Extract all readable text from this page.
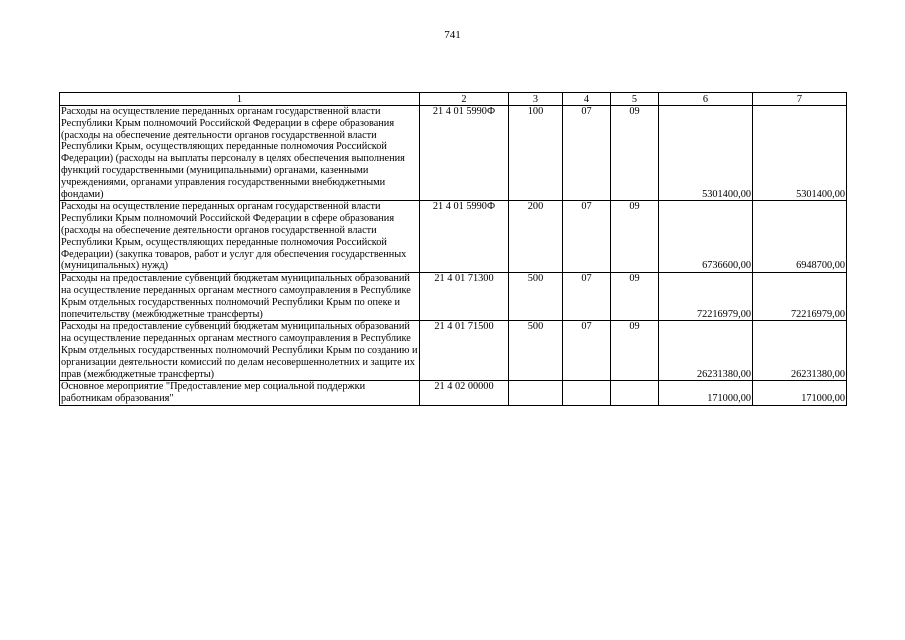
741
1	2	3	4	5	6	7
Расходы на осуществление переданных органам государственной власти Республики Крым полномочий Российской Федерации в сфере образования (расходы на обеспечение деятельности органов государственной власти Республики Крым, осуществляющих переданные полномочия Российской Федерации) (расходы на выплаты персоналу в целях обеспечения выполнения функций государственными (муниципальными) органами, казенными учреждениями, органами управления государственными внебюджетными фондами)	21 4 01 5990Ф	100	07	09	5301400,00	5301400,00
Расходы на осуществление переданных органам государственной власти Республики Крым полномочий Российской Федерации в сфере образования (расходы на обеспечение деятельности органов государственной власти Республики Крым, осуществляющих переданные полномочия Российской Федерации) (закупка товаров, работ и услуг для обеспечения государственных (муниципальных) нужд)	21 4 01 5990Ф	200	07	09	6736600,00	6948700,00
Расходы на предоставление субвенций бюджетам муниципальных образований на осуществление переданных органам местного самоуправления в Республике Крым отдельных государственных полномочий Республики Крым по опеке и попечительству (межбюджетные трансферты)	21 4 01 71300	500	07	09	72216979,00	72216979,00
Расходы на предоставление субвенций бюджетам муниципальных образований на осуществление переданных органам местного самоуправления в Республике Крым отдельных государственных полномочий Республики Крым по созданию и организации деятельности комиссий по делам несовершеннолетних и защите их прав (межбюджетные трансферты)	21 4 01 71500	500	07	09	26231380,00	26231380,00
Основное мероприятие "Предоставление мер социальной поддержки работникам образования"	21 4 02 00000				171000,00	171000,00
